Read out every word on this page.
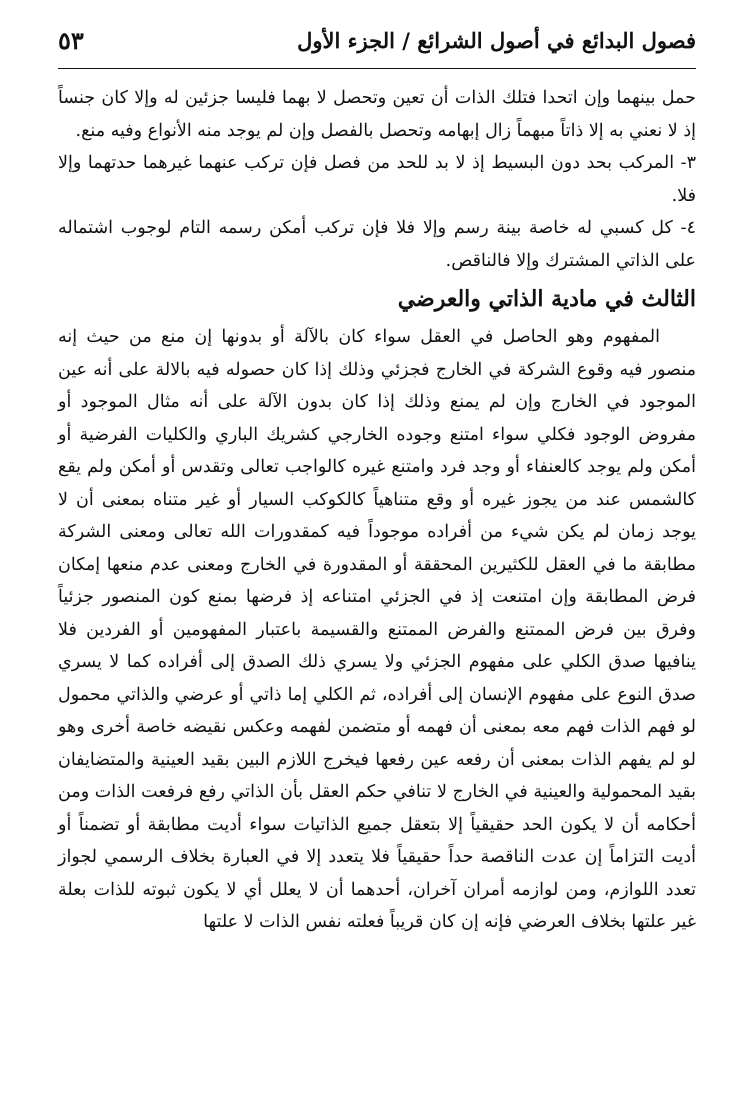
فصول البدائع في أصول الشرائع / الجزء الأول
٥٣

حمل بينهما وإن اتحدا فتلك الذات أن تعين وتحصل لا بهما فليسا جزئين له وإلا كان جنساً إذ لا نعني به إلا ذاتاً مبهماً زال إبهامه وتحصل بالفصل وإن لم يوجد منه الأنواع وفيه منع.

٣- المركب بحد دون البسيط إذ لا بد للحد من فصل فإن تركب عنهما غيرهما حدتهما وإلا فلا.

٤- كل كسبي له خاصة بينة رسم وإلا فلا فإن تركب أمكن رسمه التام لوجوب اشتماله على الذاتي المشترك وإلا فالناقص.

الثالث في مادية الذاتي والعرضي

المفهوم وهو الحاصل في العقل سواء كان بالآلة أو بدونها إن منع من حيث إنه منصور فيه وقوع الشركة في الخارج فجزئي وذلك إذا كان حصوله فيه بالالة على أنه عين الموجود في الخارج وإن لم يمنع وذلك إذا كان بدون الآلة على أنه مثال الموجود أو مفروض الوجود فكلي سواء امتنع وجوده الخارجي كشريك الباري والكليات الفرضية أو أمكن ولم يوجد كالعنفاء أو وجد فرد وامتنع غيره كالواجب تعالى وتقدس أو أمكن ولم يقع كالشمس عند من يجوز غيره أو وقع متناهياً كالكوكب السيار أو غير متناه بمعنى أن لا يوجد زمان لم يكن شيء من أفراده موجوداً فيه كمقدورات الله تعالى ومعنى الشركة مطابقة ما في العقل للكثيرين المحققة أو المقدورة في الخارج ومعنى عدم منعها إمكان فرض المطابقة وإن امتنعت إذ في الجزئي امتناعه إذ فرضها بمنع كون المنصور جزئياً وفرق بين فرض الممتنع والفرض الممتنع والقسيمة باعتبار المفهومين أو الفردين فلا ينافيها صدق الكلي على مفهوم الجزئي ولا يسري ذلك الصدق إلى أفراده كما لا يسري صدق النوع على مفهوم الإنسان إلى أفراده، ثم الكلي إما ذاتي أو عرضي والذاتي محمول لو فهم الذات فهم معه بمعنى أن فهمه أو متضمن لفهمه وعكس نقيضه خاصة أخرى وهو لو لم يفهم الذات بمعنى أن رفعه عين رفعها فيخرج اللازم البين بقيد العينية والمتضايفان بقيد المحمولية والعينية في الخارج لا تنافي حكم العقل بأن الذاتي رفع فرفعت الذات ومن أحكامه أن لا يكون الحد حقيقياً إلا بتعقل جميع الذاتيات سواء أديت مطابقة أو تضمناً أو أديت التزاماً إن عدت الناقصة حداً حقيقياً فلا يتعدد إلا في العبارة بخلاف الرسمي لجواز تعدد اللوازم، ومن لوازمه أمران آخران، أحدهما أن لا يعلل أي لا يكون ثبوته للذات بعلة غير علتها بخلاف العرضي فإنه إن كان قريباً فعلته نفس الذات لا علتها
